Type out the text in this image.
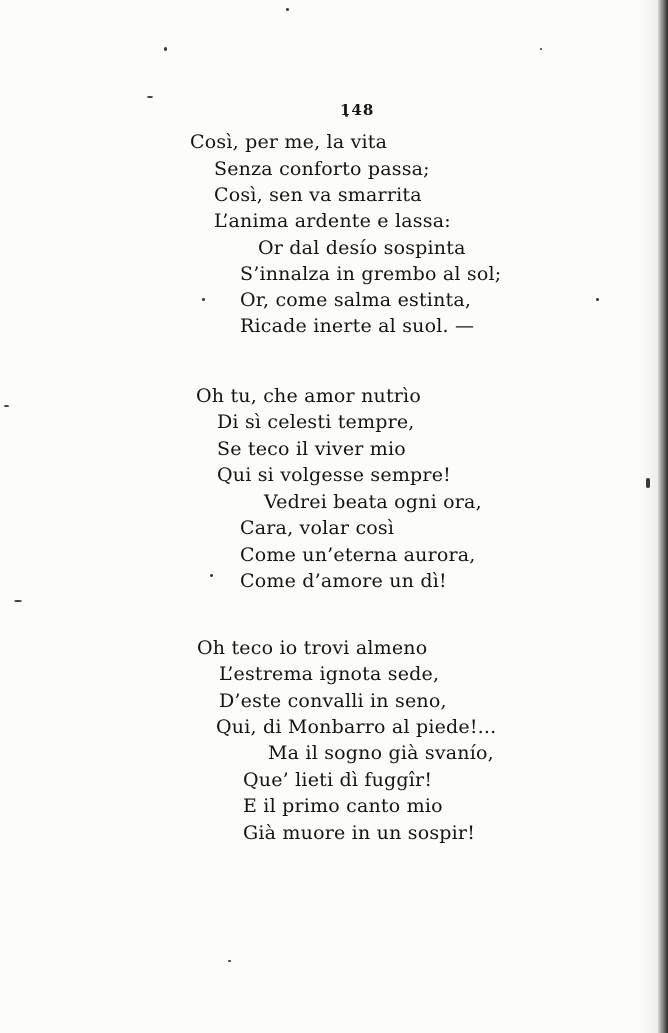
148

Così, per me, la vita
Senza conforto passa;
Così, sen va smarrita
L’anima ardente e lassa:
Or dal desío sospinta
S’innalza in grembo al sol;
Or, come salma estinta,
Ricade inerte al suol. —
Oh tu, che amor nutrìo
Di sì celesti tempre,
Se teco il viver mio
Qui si volgesse sempre!
Vedrei beata ogni ora,
Cara, volar così
Come un’eterna aurora,
Come d’amore un dì!
Oh teco io trovi almeno
L’estrema ignota sede,
D’este convalli in seno,
Qui, di Monbarro al piede!...
Ma il sogno già svanío,
Que’ lieti dì fuggîr!
E il primo canto mio
Già muore in un sospir!
